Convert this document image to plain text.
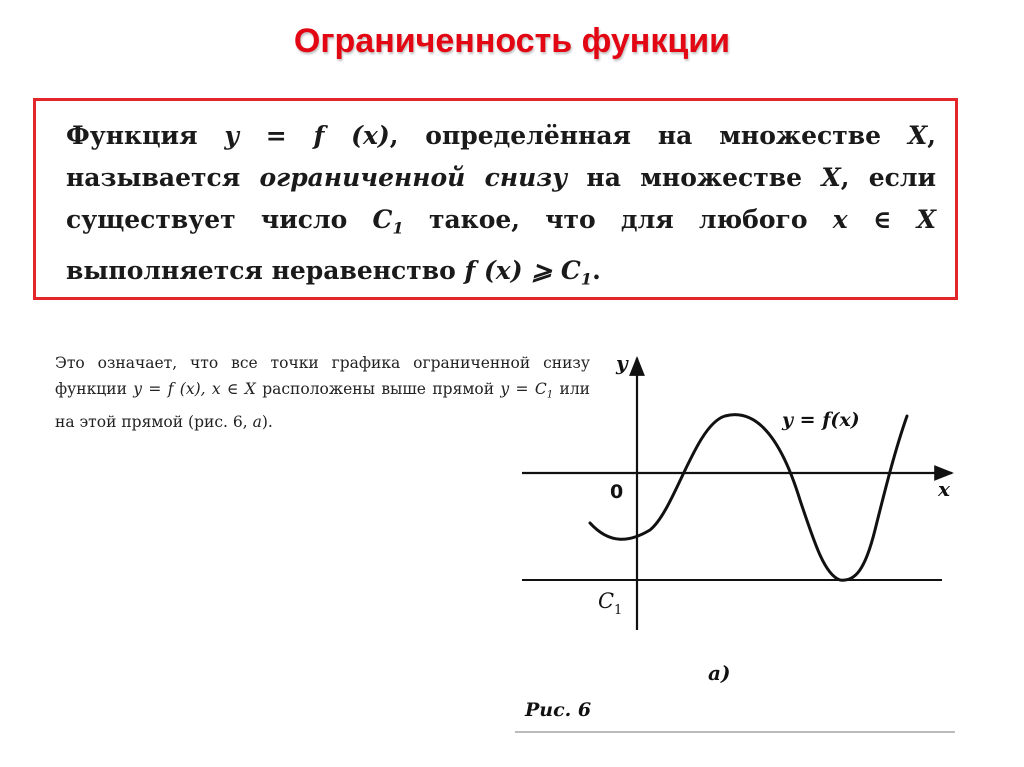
Ограниченность функции
Функция y = f (x), определённая на множестве X, называется ограниченной снизу на множестве X, если существует число $C_1$ такое, что для любого x ∈ X выполняется неравенство f (x) ⩾ $C_1$.
Это означает, что все точки графика ограниченной снизу функции y = f (x), x ∈ X расположены выше прямой $y = C_1$ или на этой прямой (рис. 6, а).
y
x
0
C 1
y = f(x)
а)
Рис. 6
